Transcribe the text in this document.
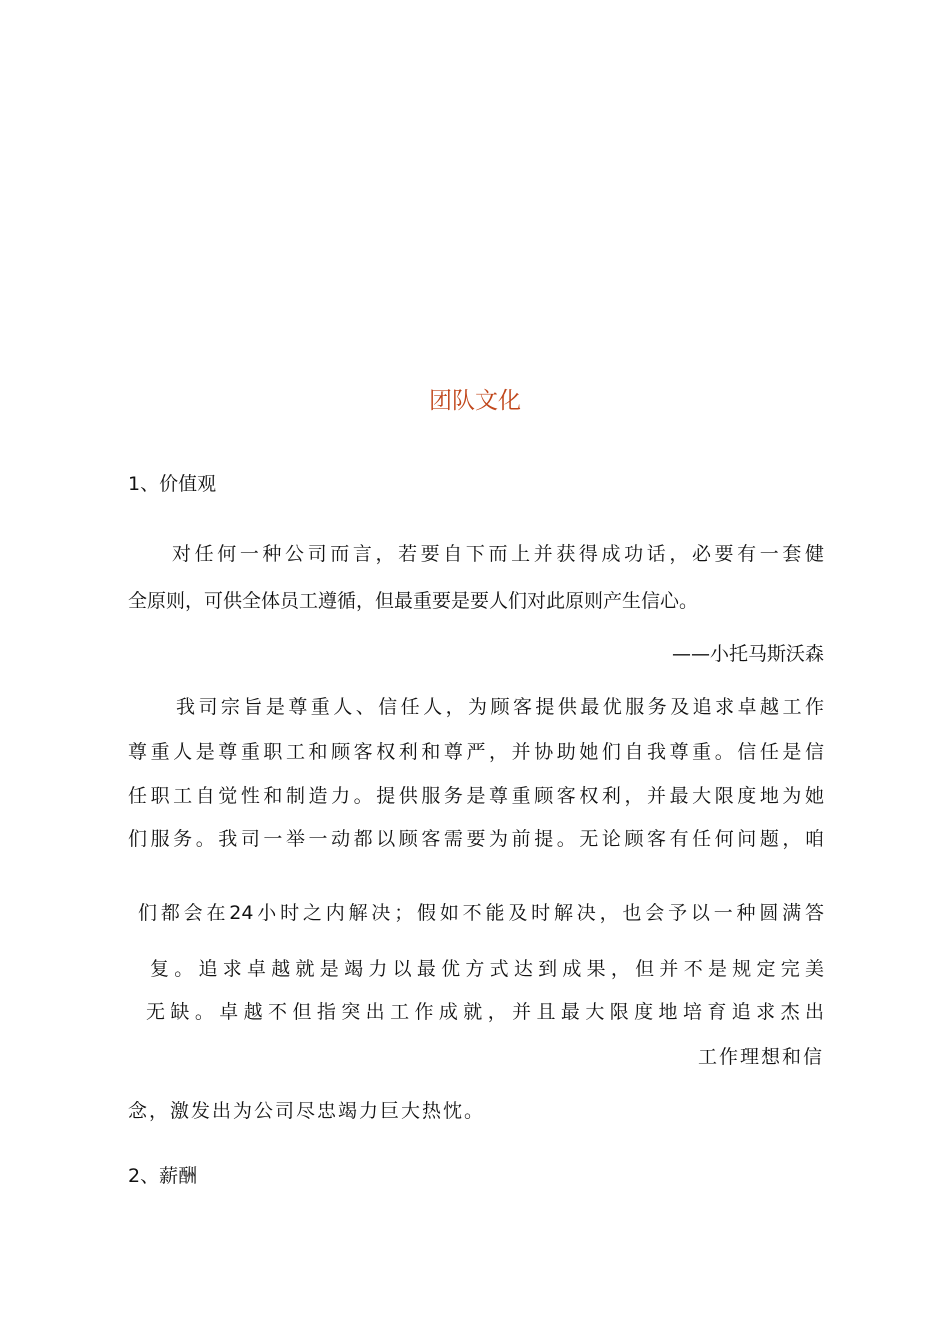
团队文化
1、价值观
对任何一种公司而言，若要自下而上并获得成功话，必要有一套健
全原则，可供全体员工遵循，但最重要是要人们对此原则产生信心。
——小托马斯沃森
我司宗旨是尊重人、信任人，为顾客提供最优服务及追求卓越工作
尊重人是尊重职工和顾客权利和尊严，并协助她们自我尊重。信任是信
任职工自觉性和制造力。提供服务是尊重顾客权利，并最大限度地为她
们服务。我司一举一动都以顾客需要为前提。无论顾客有任何问题，咱
们都会在24小时之内解决；假如不能及时解决，也会予以一种圆满答
复。追求卓越就是竭力以最优方式达到成果，但并不是规定完美
无缺。卓越不但指突出工作成就，并且最大限度地培育追求杰出
工作理想和信
念，激发出为公司尽忠竭力巨大热忱。
2、薪酬
